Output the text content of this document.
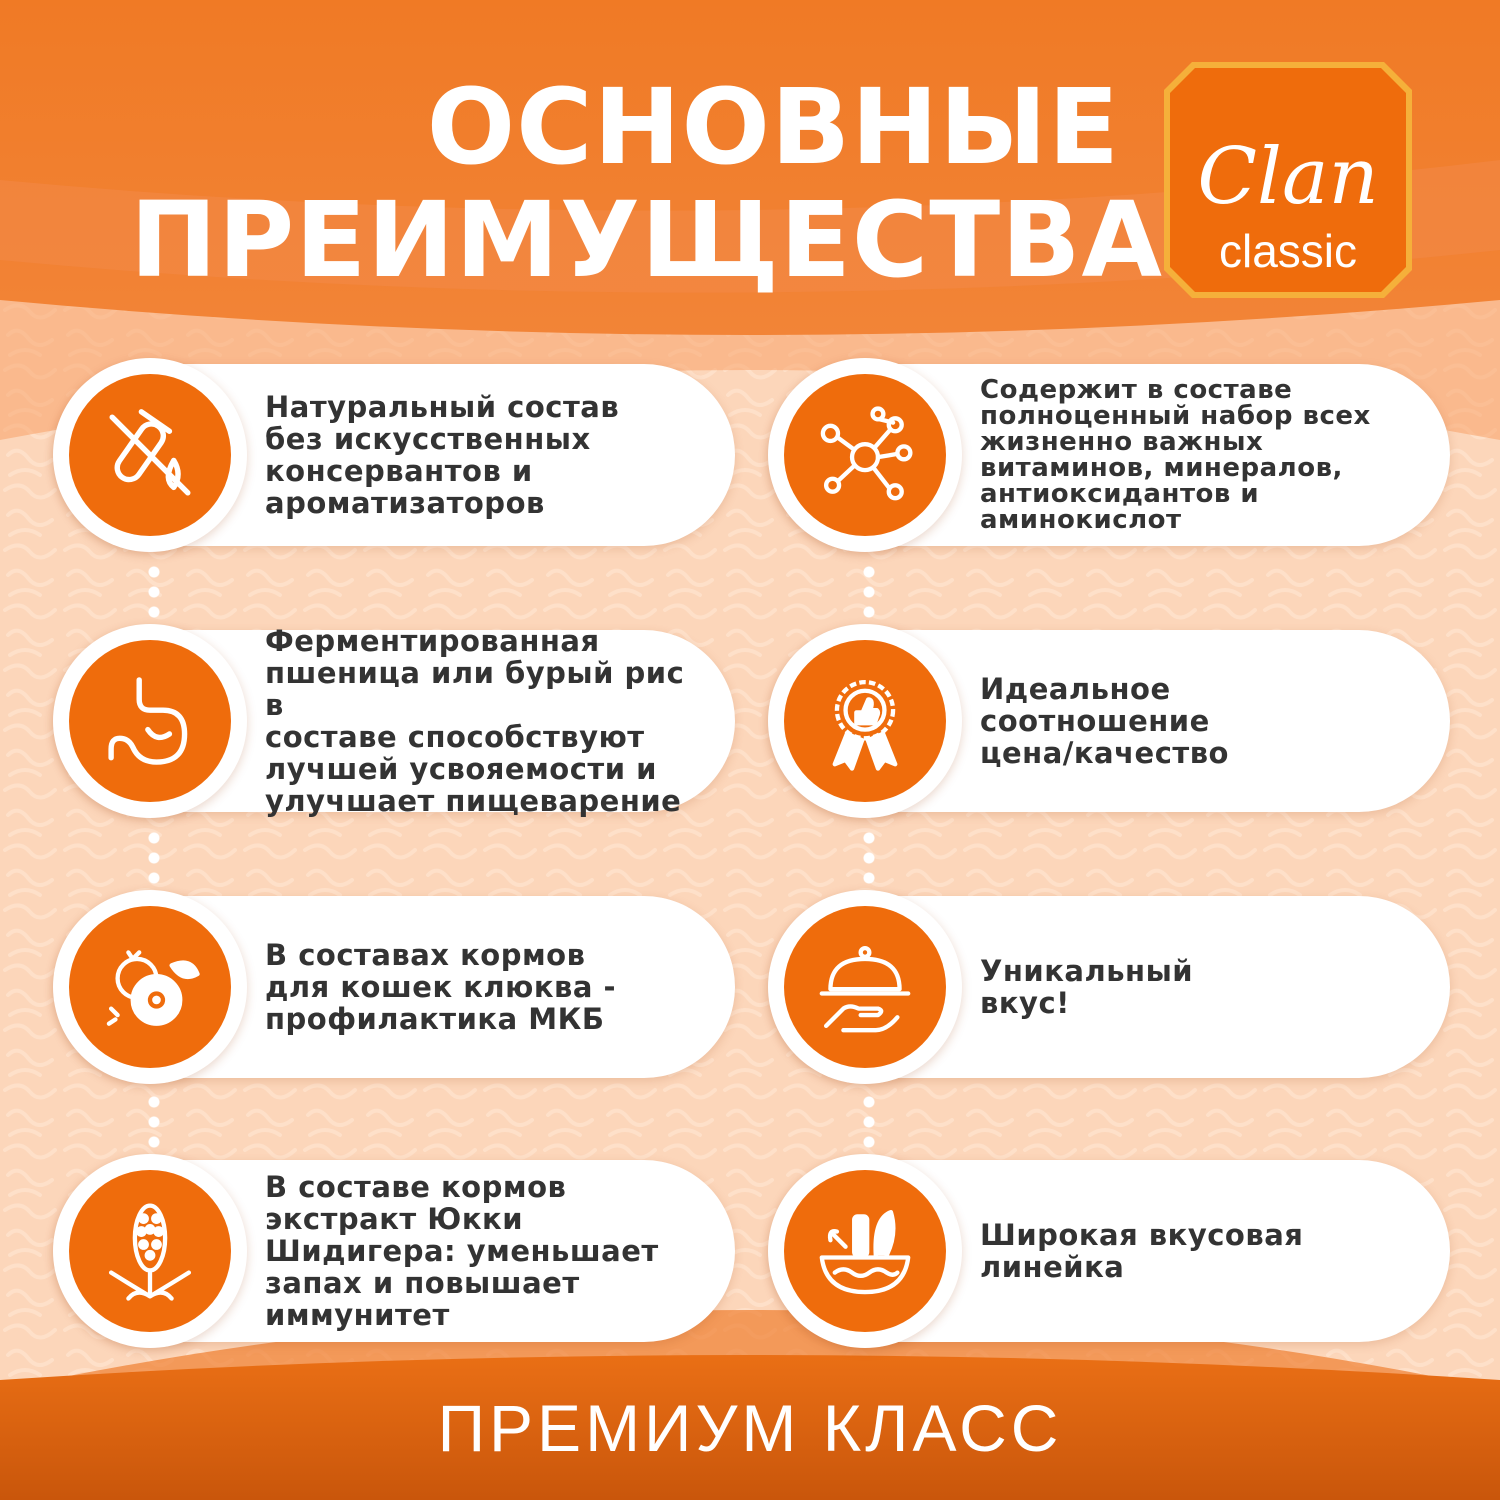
ОСНОВНЫЕ
ПРЕИМУЩЕСТВА
Clan
classic
Натуральный состав
без искусственных
консервантов и
ароматизаторов
Содержит в составе
полноценный набор всех
жизненно важных
витаминов, минералов,
антиоксидантов и
аминокислот
Ферментированная
пшеница или бурый рис в
составе способствуют
лучшей усвояемости и
улучшает пищеварение
Идеальное
соотношение
цена/качество
В составах кормов
для кошек клюква -
профилактика МКБ
Уникальный
вкус!
В составе кормов
экстракт Юкки
Шидигера: уменьшает
запах и повышает
иммунитет
Широкая вкусовая
линейка
ПРЕМИУМ КЛАСС
